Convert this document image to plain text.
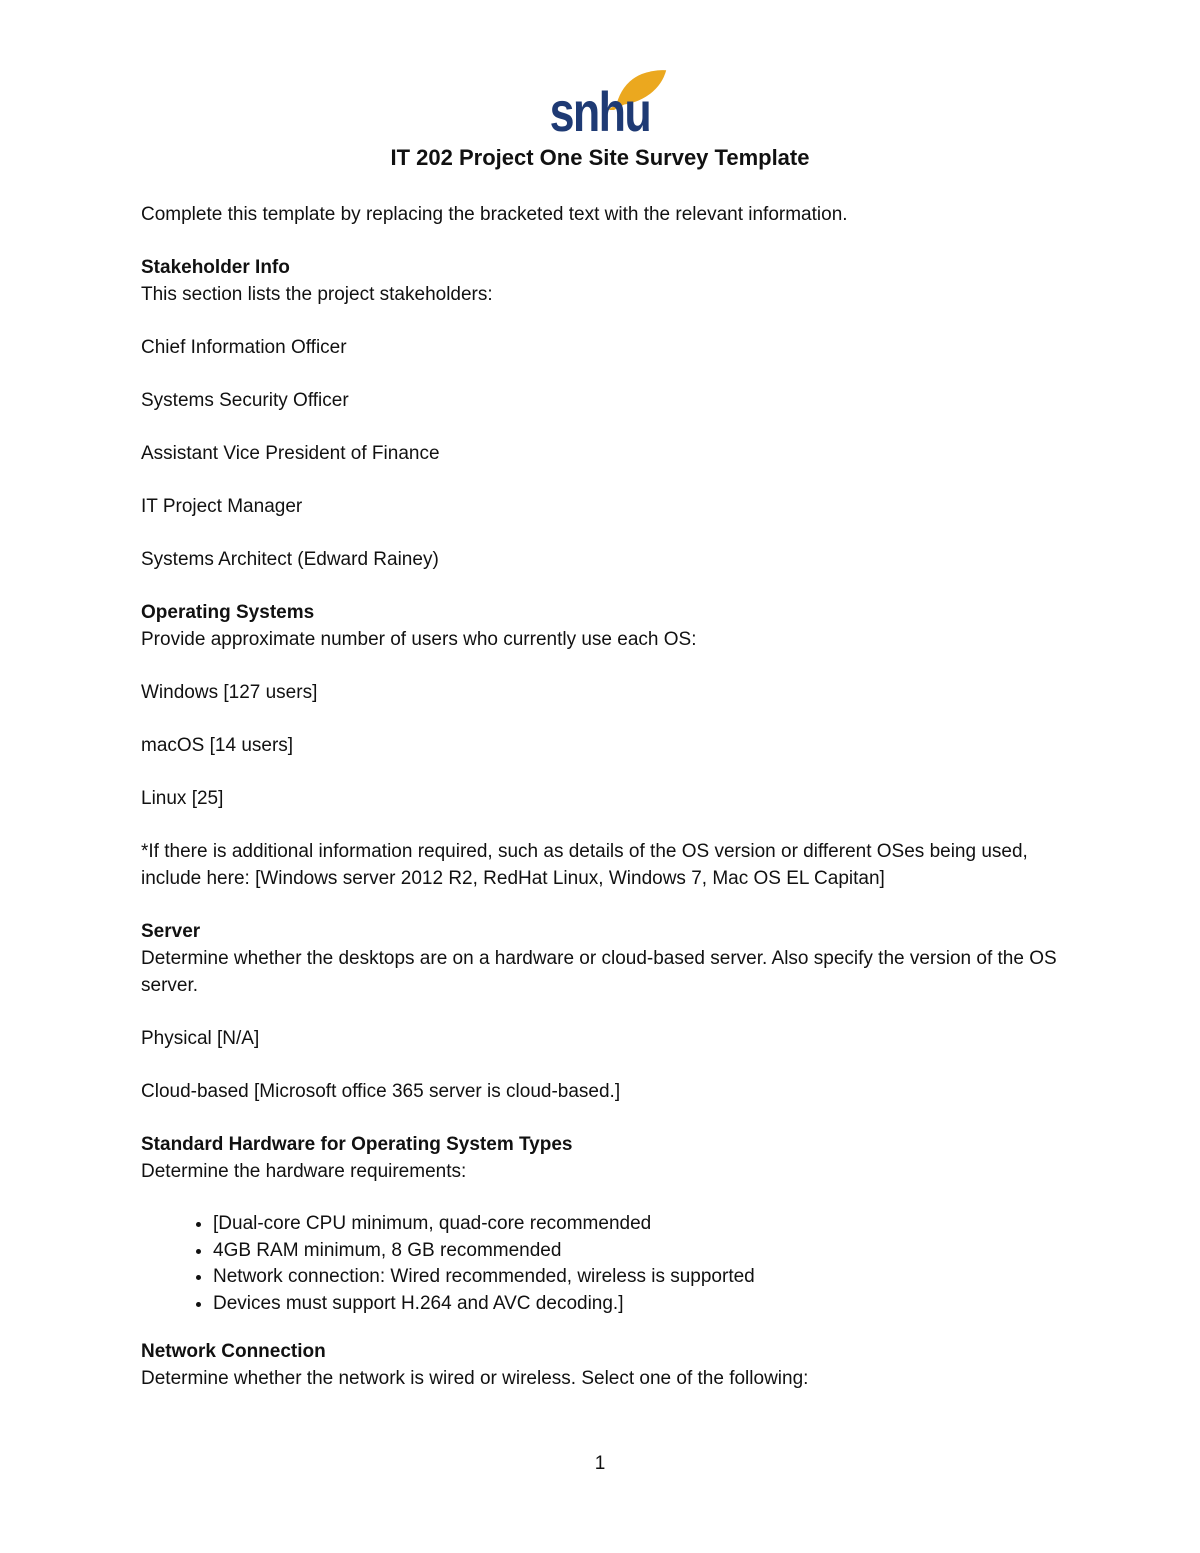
snhu
IT 202 Project One Site Survey Template

Complete this template by replacing the bracketed text with the relevant information.

Stakeholder Info

This section lists the project stakeholders:

Chief Information Officer

Systems Security Officer

Assistant Vice President of Finance

IT Project Manager

Systems Architect (Edward Rainey)

Operating Systems

Provide approximate number of users who currently use each OS:

Windows [127 users]

macOS [14 users]

Linux [25]

*If there is additional information required, such as details of the OS version or different OSes being used, include here: [Windows server 2012 R2, RedHat Linux, Windows 7, Mac OS EL Capitan]

Server

Determine whether the desktops are on a hardware or cloud-based server. Also specify the version of the OS server.

Physical [N/A]

Cloud-based [Microsoft office 365 server is cloud-based.]

Standard Hardware for Operating System Types

Determine the hardware requirements:

• [Dual-core CPU minimum, quad-core recommended
• 4GB RAM minimum, 8 GB recommended
• Network connection: Wired recommended, wireless is supported
• Devices must support H.264 and AVC decoding.]

Network Connection

Determine whether the network is wired or wireless. Select one of the following:

1
